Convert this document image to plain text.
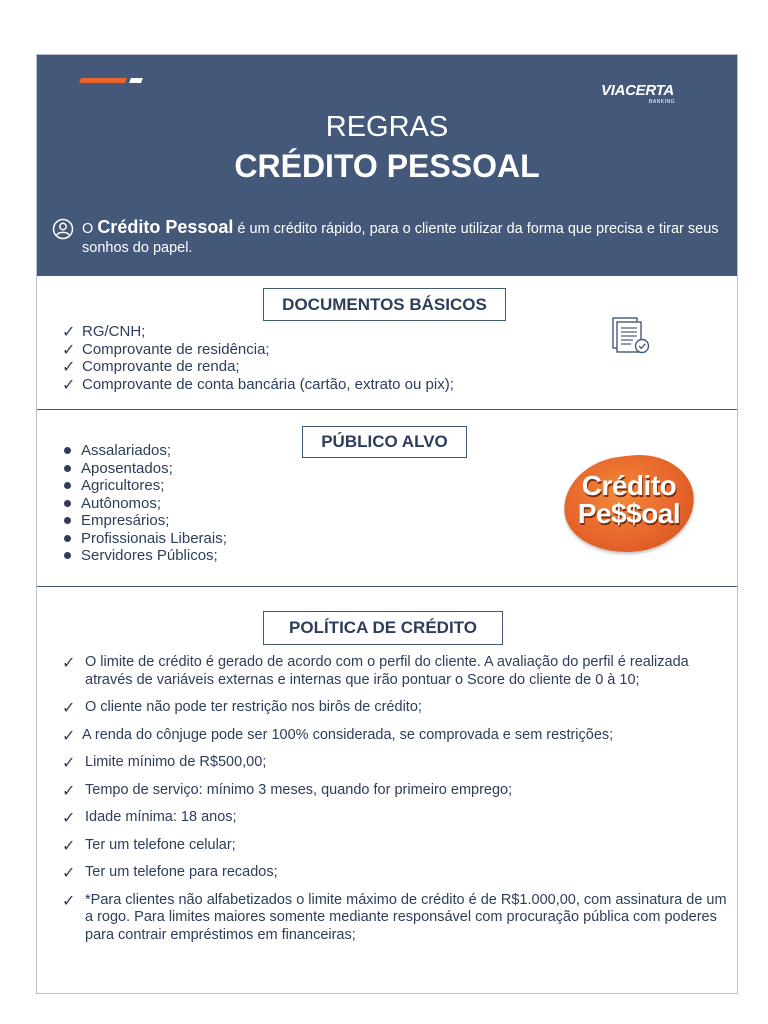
VIACERTA
BANKING
REGRAS
CRÉDITO PESSOAL
O Crédito Pessoal é um crédito rápido, para o cliente utilizar da forma que precisa e tirar seus sonhos do papel.
DOCUMENTOS BÁSICOS
✓ RG/CNH;
✓ Comprovante de residência;
✓ Comprovante de renda;
✓ Comprovante de conta bancária (cartão, extrato ou pix);
PÚBLICO ALVO
Assalariados;
Aposentados;
Agricultores;
Autônomos;
Empresários;
Profissionais Liberais;
Servidores Públicos;
Crédito
Pe$$oal
POLÍTICA DE CRÉDITO
✓ O limite de crédito é gerado de acordo com o perfil do cliente. A avaliação do perfil é realizada através de variáveis externas e internas que irão pontuar o Score do cliente de 0 à 10;
✓ O cliente não pode ter restrição nos birôs de crédito;
✓ A renda do cônjuge pode ser 100% considerada, se comprovada e sem restrições;
✓ Limite mínimo de R$500,00;
✓ Tempo de serviço: mínimo 3 meses, quando for primeiro emprego;
✓ Idade mínima: 18 anos;
✓ Ter um telefone celular;
✓ Ter um telefone para recados;
✓ *Para clientes não alfabetizados o limite máximo de crédito é de R$1.000,00, com assinatura de um a rogo. Para limites maiores somente mediante responsável com procuração pública com poderes para contrair empréstimos em financeiras;
